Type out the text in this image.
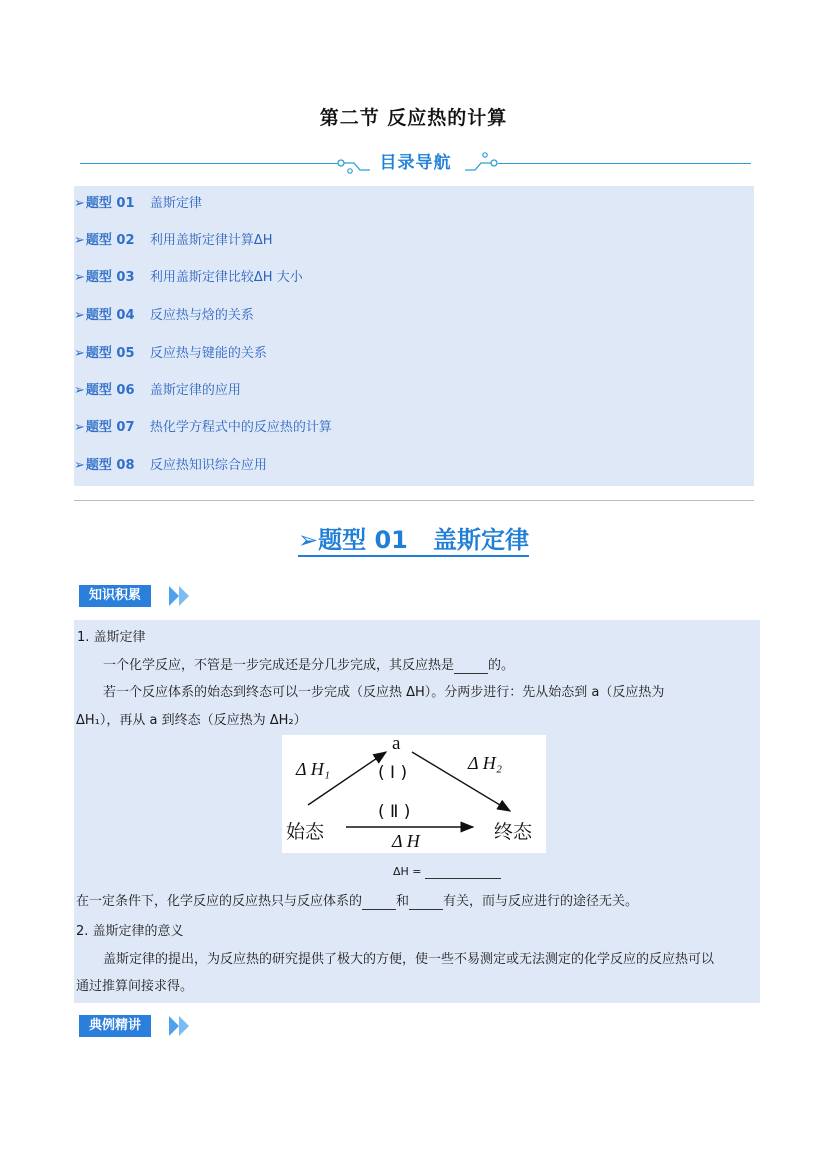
第二节 反应热的计算
目录导航
➢题型 01 盖斯定律
➢题型 02 利用盖斯定律计算ΔH
➢题型 03 利用盖斯定律比较ΔH 大小
➢题型 04 反应热与焓的关系
➢题型 05 反应热与键能的关系
➢题型 06 盖斯定律的应用
➢题型 07 热化学方程式中的反应热的计算
➢题型 08 反应热知识综合应用
➢题型 01 盖斯定律
知识积累
1. 盖斯定律
一个化学反应，不管是一步完成还是分几步完成，其反应热是	的。
若一个反应体系的始态到终态可以一步完成（反应热 ΔH）。分两步进行：先从始态到 a（反应热为
ΔH₁），再从 a 到终态（反应热为 ΔH₂）
ΔH =
在一定条件下，化学反应的反应热只与反应体系的	和	有关，而与反应进行的途径无关。
2. 盖斯定律的意义
盖斯定律的提出，为反应热的研究提供了极大的方便，使一些不易测定或无法测定的化学反应的反应热可以
通过推算间接求得。
a
Δ H₁	Δ H₂
( Ⅰ )
( Ⅱ )
始态	终态
Δ H
典例精讲
